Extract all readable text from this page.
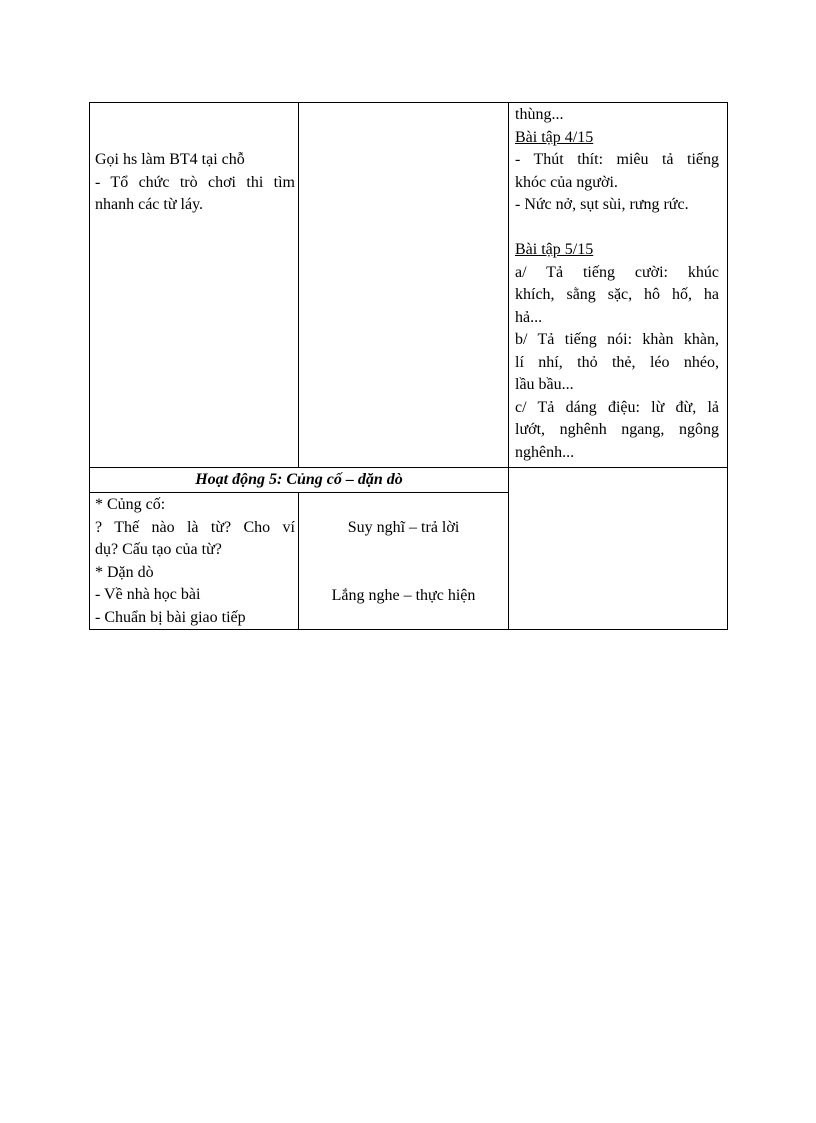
Gọi hs làm BT4 tại chỗ
- Tổ chức trò chơi thi tìm
nhanh các từ láy.
thùng...
Bài tập 4/15
- Thút thít: miêu tả tiếng
khóc của người.
- Nức nở, sụt sùi, rưng rức.
Bài tập 5/15
a/ Tả tiếng cười: khúc
khích, sằng sặc, hô hố, ha
hả...
b/ Tả tiếng nói: khàn khàn,
lí nhí, thỏ thẻ, léo nhéo,
lầu bầu...
c/ Tả dáng điệu: lừ đừ, lả
lướt, nghênh ngang, ngông
nghênh...
Hoạt động 5: Củng cố – dặn dò
* Củng cố:
? Thế nào là từ? Cho ví
dụ? Cấu tạo của từ?
* Dặn dò
- Về nhà học bài
- Chuẩn bị bài giao tiếp
Suy nghĩ – trả lời
Lắng nghe – thực hiện
